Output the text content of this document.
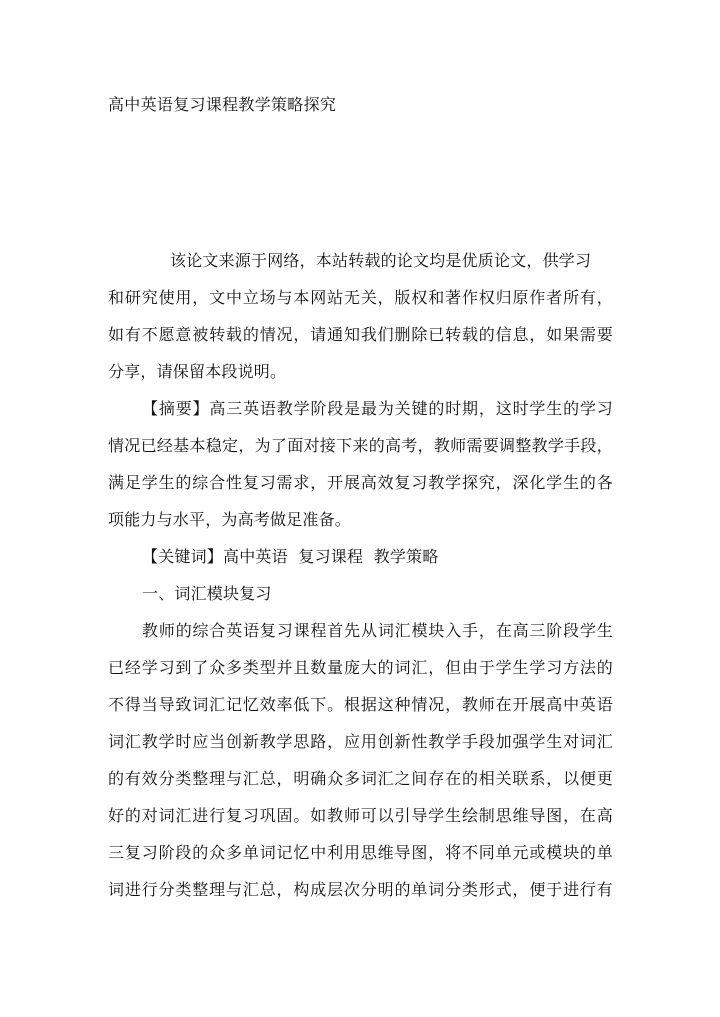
高中英语复习课程教学策略探究
该论文来源于网络，本站转载的论文均是优质论文，供学习
和研究使用，文中立场与本网站无关，版权和著作权归原作者所有，
如有不愿意被转载的情况，请通知我们删除已转载的信息，如果需要
分享，请保留本段说明。
【摘要】高三英语教学阶段是最为关键的时期，这时学生的学习
情况已经基本稳定，为了面对接下来的高考，教师需要调整教学手段，
满足学生的综合性复习需求，开展高效复习教学探究，深化学生的各
项能力与水平，为高考做足准备。
【关键词】高中英语  复习课程  教学策略
一、词汇模块复习
教师的综合英语复习课程首先从词汇模块入手，在高三阶段学生
已经学习到了众多类型并且数量庞大的词汇，但由于学生学习方法的
不得当导致词汇记忆效率低下。根据这种情况，教师在开展高中英语
词汇教学时应当创新教学思路，应用创新性教学手段加强学生对词汇
的有效分类整理与汇总，明确众多词汇之间存在的相关联系，以便更
好的对词汇进行复习巩固。如教师可以引导学生绘制思维导图，在高
三复习阶段的众多单词记忆中利用思维导图，将不同单元或模块的单
词进行分类整理与汇总，构成层次分明的单词分类形式，便于进行有
